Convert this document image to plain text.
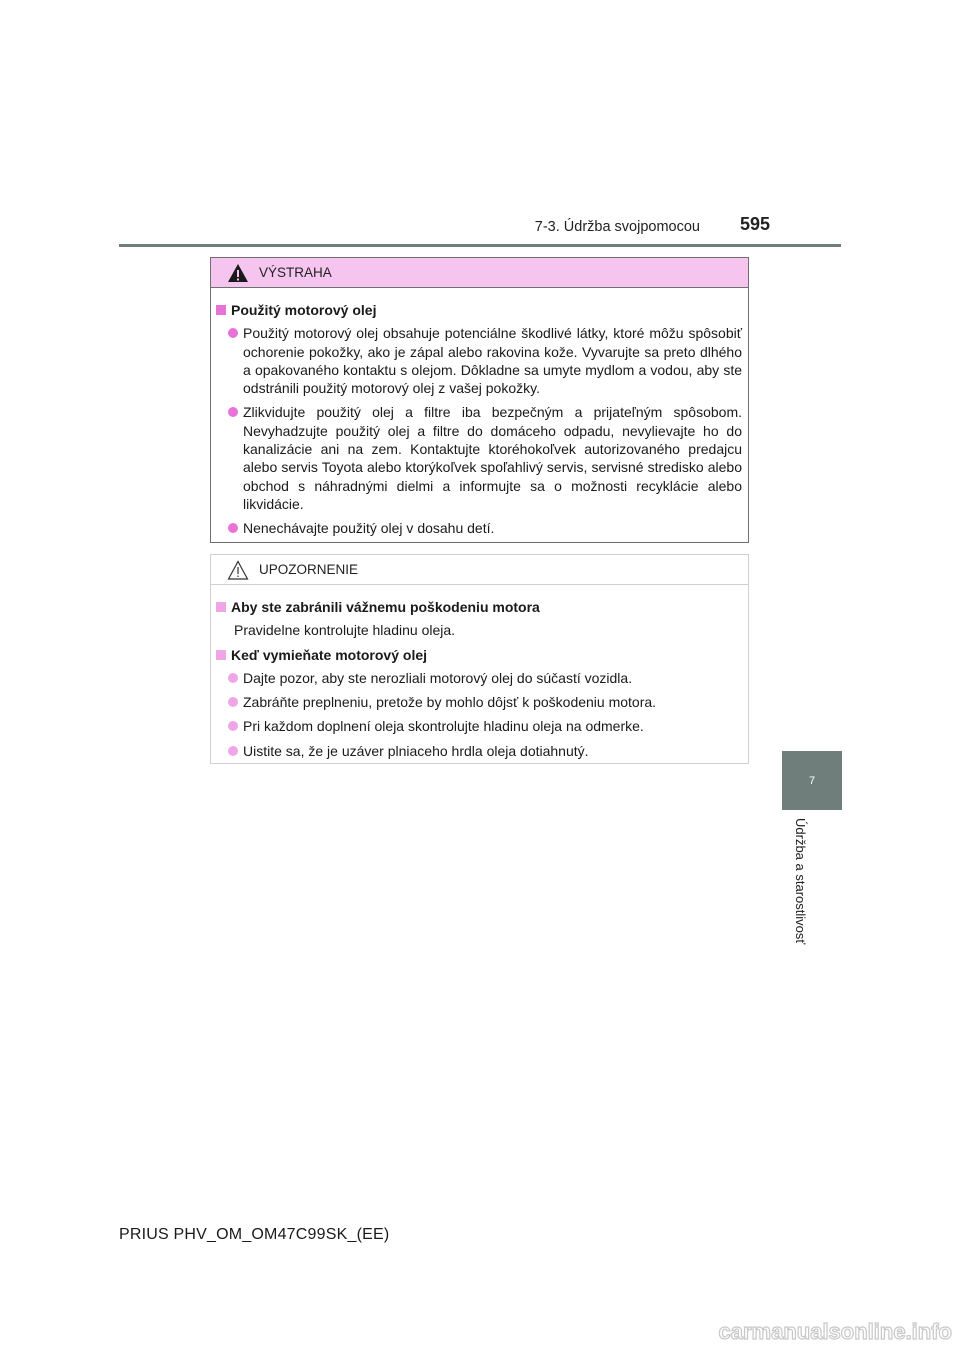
7-3. Údržba svojpomocou 595
7
Údržba a starostlivosť
VÝSTRAHA
Použitý motorový olej
Použitý motorový olej obsahuje potenciálne škodlivé látky, ktoré môžu spôsobiť ochorenie pokožky, ako je zápal alebo rakovina kože. Vyvarujte sa preto dlhého a opakovaného kontaktu s olejom. Dôkladne sa umyte mydlom a vodou, aby ste odstránili použitý motorový olej z vašej pokožky.
Zlikvidujte použitý olej a filtre iba bezpečným a prijateľným spôsobom. Nevyhadzujte použitý olej a filtre do domáceho odpadu, nevylievajte ho do kanalizácie ani na zem. Kontaktujte ktoréhokoľvek autorizovaného predajcu alebo servis Toyota alebo ktorýkoľvek spoľahlivý servis, servisné stredisko alebo obchod s náhradnými dielmi a informujte sa o možnosti recyklácie alebo likvidácie.
Nenechávajte použitý olej v dosahu detí.
UPOZORNENIE
Aby ste zabránili vážnemu poškodeniu motora
Pravidelne kontrolujte hladinu oleja.
Keď vymieňate motorový olej
Dajte pozor, aby ste nerozliali motorový olej do súčastí vozidla.
Zabráňte preplneniu, pretože by mohlo dôjsť k poškodeniu motora.
Pri každom doplnení oleja skontrolujte hladinu oleja na odmerke.
Uistite sa, že je uzáver plniaceho hrdla oleja dotiahnutý.
PRIUS PHV_OM_OM47C99SK_(EE)
carmanualsonline.info
